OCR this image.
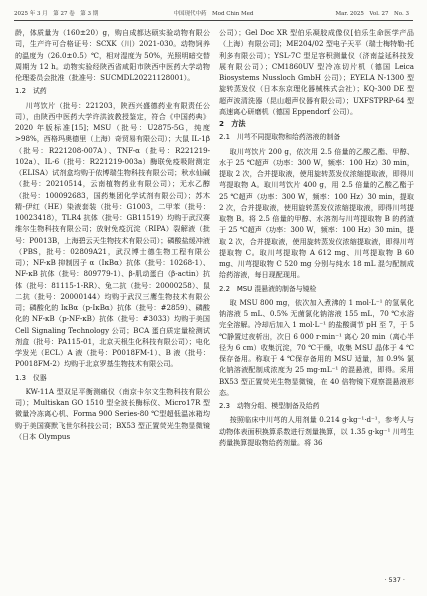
2025 年 3 月　第 27 卷　第 3 期	中国现代中药　Mod Chin Med	Mar. 2025　Vol. 27　No. 3

龄，体质量为（160±20）g，购自成都达硕实验动物有限公司，生产许可合格证号：SCXK（川）2021-030。动物饲养的温度为（26.0±0.5）℃，相对湿度为 50%，光照明暗交替周期为 12 h。动物实验经陕西省咸阳市陕西中医药大学动物伦理委员会批准（批准号：SUCMDL20221128001）。

1.2　试药

川芎饮片（批号：221203，陕西兴盛德药业有限责任公司），由陕西中医药大学许洪波教授鉴定，符合《中国药典》2020 年版标准[15]；MSU（批号：U2875-5G，纯度>98%，西格玛奥德里（上海）奇贸易有限公司）；大鼠 IL-1β（批号：R221208-007A）、TNF-α（批号：R221219-102a）、IL-6（批号：R221219-003a）酶联免疫吸附测定（ELISA）试剂盒均购于依博瑞生物科技有限公司；秋水仙碱（批号：20210514，云南植物药业有限公司）；无水乙醇（批号：100092683，国药集团化学试剂有限公司）；苏木精-伊红（HE）染液套装（批号：G1003，二甲苯（批号：10023418），TLR4 抗体（批号：GB11519）均购于武汉赛维尔生物科技有限公司；放射免疫沉淀（RIPA）裂解液（批号：P0013B，上海碧云天生物技术有限公司）；磷酸盐缓冲液（PBS，批号：02809A21，武汉博士德生物工程有限公司）；NF-κB 抑制因子 α（IκBα）抗体（批号：10268-1）、NF-κB 抗体（批号：809779-1）、β-肌动蛋白（β-actin）抗体（批号：81115-1-RR）、兔二抗（批号：20000258）、鼠二抗（批号：20000144）均购于武汉三鹰生物技术有限公司；磷酸化的 IκBα（p-IκBα）抗体（批号：#2859）、磷酸化的 NF-κB（p-NF-κB）抗体（批号：#3033）均购于美国 Cell Signaling Technology 公司；BCA 蛋白质定量检测试剂盒（批号：PA115-01，北京天根生化科技有限公司）；电化学发光（ECL）A 液（批号：P0018FM-1）、B 液（批号：P0018FM-2）均购于北京罗基生物技术有限公司。

1.3　仪器

KW-11A 型双足平衡测痛仪（南京卡尔文生物科技有限公司）；Multiskan GO 1510 型全波长酶标仪、Micro17R 型微量冷冻离心机、Forma 900 Series-80 ℃型超低温冰箱均购于美国赛默飞世尔科技公司；BX53 型正置荧光生物显微镜（日本 Olympus

公司）；Gel Doc XR 型伯乐凝胶成像仪[伯乐生命医学产品（上海）有限公司]；ME204/02 型电子天平（瑞士梅特勒-托利多有限公司）；YSL-7C 型足容积测量仪（济南益延科技发展有限公司）；CM1860UV 型冷冻切片机（德国 Leica Biosystems Nussloch GmbH 公司）；EYELA N-1300 型旋转蒸发仪（日本东京理化器械株式会社）；KQ-300 DE 型超声波清洗器（昆山超声仪器有限公司）；UXFSTPRP-64 型高速离心研磨机（德国 Eppendorf 公司）。

2　方法
2.1　川芎不同提取物和给药溶液的制备

取川芎饮片 200 g，依次用 2.5 倍量的乙酸乙酯、甲醇、水于 25 ℃超声（功率：300 W，频率：100 Hz）30 min，提取 2 次，合并提取液，使用旋转蒸发仪浓缩提取液，即得川芎提取物 A。取川芎饮片 400 g，用 2.5 倍量的乙酸乙酯于 25 ℃超声（功率：300 W，频率：100 Hz）30 min，提取 2 次，合并提取液，使用旋转蒸发仪浓缩提取液，即得川芎提取物 B。将 2.5 倍量的甲醇、水溶剂与川芎提取物 B 的药渣于 25 ℃超声（功率：300 W，频率：100 Hz）30 min，提取 2 次，合并提取液，使用旋转蒸发仪浓缩提取液，即得川芎提取物 C。取川芎提取物 A 612 mg、川芎提取物 B 60 mg、川芎提取物 C 520 mg 分别与纯水 18 mL 混匀配制成给药溶液，每日现配现用。

2.2　MSU 混悬液的制备与镜检

取 MSU 800 mg，依次加入煮沸的 1 mol·L⁻¹ 的氢氧化钠溶液 5 mL、0.5% 无菌氯化钠溶液 155 mL，70 ℃水浴完全溶解。冷却后加入 1 mol·L⁻¹ 的盐酸调节 pH 至 7，于 5 ℃静置过夜析出，次日 6 000 r·min⁻¹ 离心 20 min（离心半径为 6 cm）收集沉淀，70 ℃干燥，收集 MSU 晶体于 4 ℃保存备用。称取于 4 ℃保存备用的 MSU 适量，加 0.9% 氯化钠溶液配制成浓度为 25 mg·mL⁻¹ 的混悬液，即得。采用 BX53 型正置荧光生物显微镜，在 40 倍物镜下观察混悬液形态。

2.3　动物分组、模型制备及给药

按照临床中川芎的人用剂量 0.214 g·kg⁻¹·d⁻¹，参考人与动物体表面积换算系数进行剂量换算，以 1.35 g·kg⁻¹ 川芎生药量换算提取物给药剂量。将 36

· 537 ·
